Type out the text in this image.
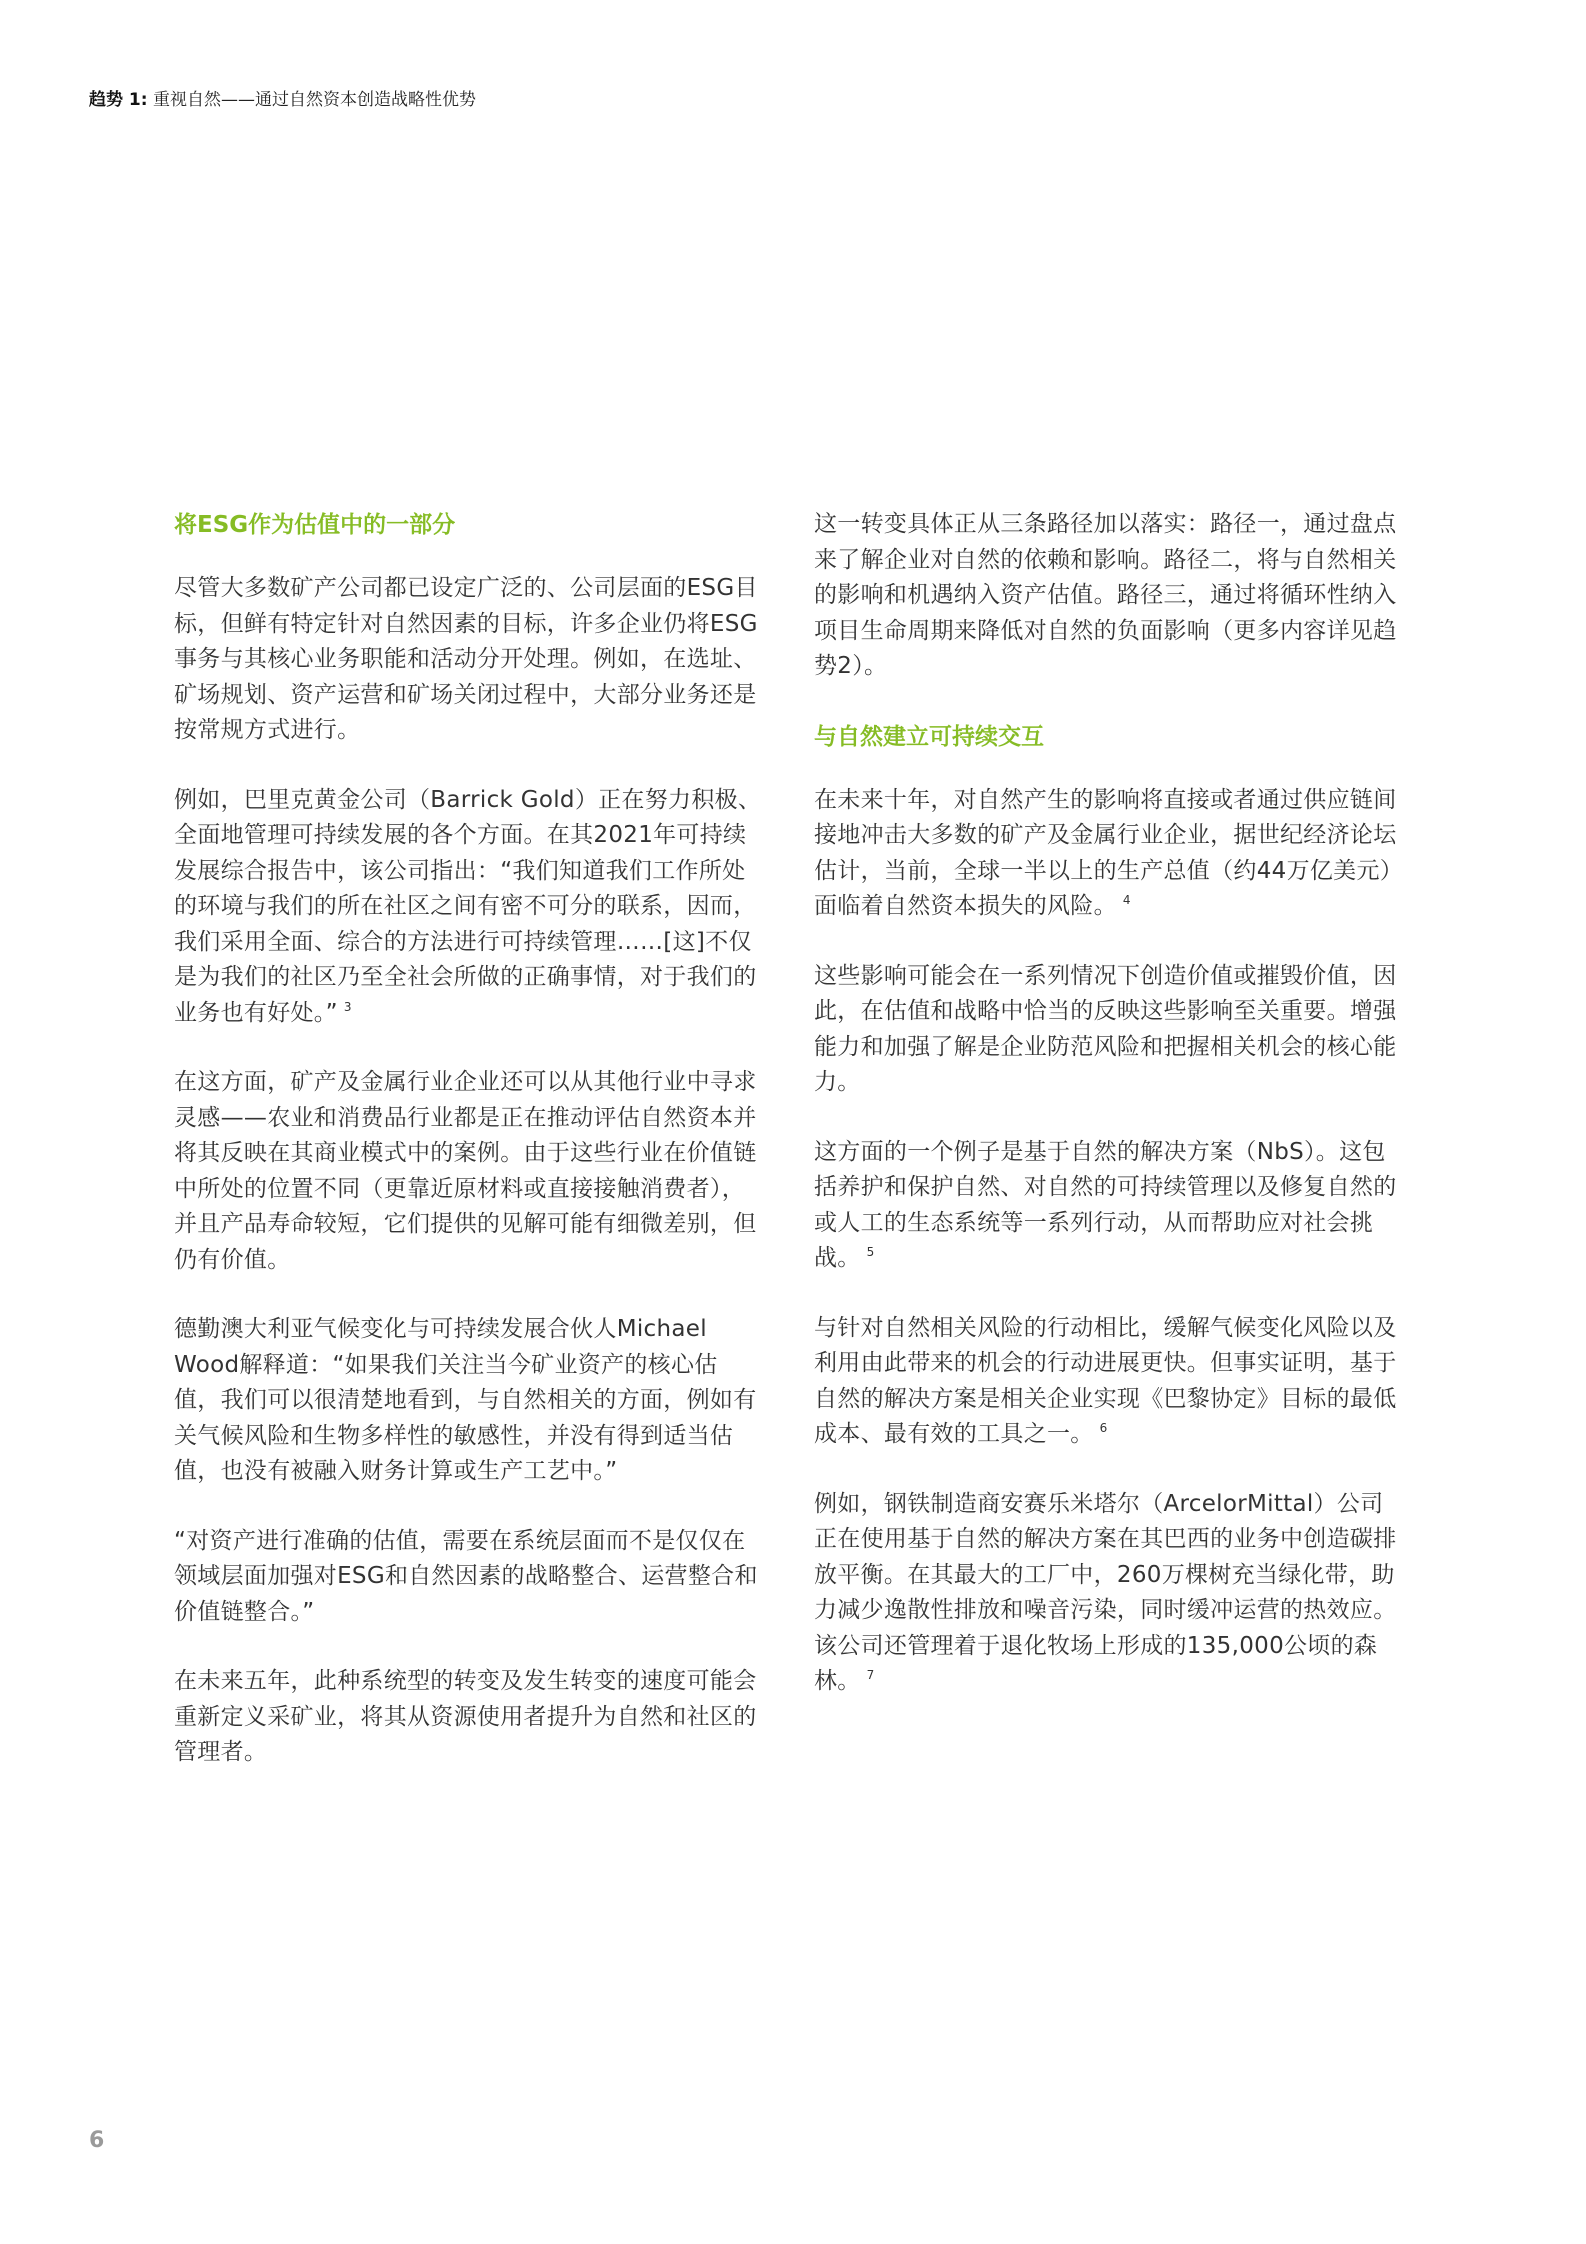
趋势 1: 重视自然——通过自然资本创造战略性优势
将ESG作为估值中的一部分

尽管大多数矿产公司都已设定广泛的、公司层面的ESG目标，但鲜有特定针对自然因素的目标，许多企业仍将ESG事务与其核心业务职能和活动分开处理。例如，在选址、矿场规划、资产运营和矿场关闭过程中，大部分业务还是按常规方式进行。

例如，巴里克黄金公司（Barrick Gold）正在努力积极、全面地管理可持续发展的各个方面。在其2021年可持续发展综合报告中，该公司指出：“我们知道我们工作所处的环境与我们的所在社区之间有密不可分的联系，因而，我们采用全面、综合的方法进行可持续管理……[这]不仅是为我们的社区乃至全社会所做的正确事情，对于我们的业务也有好处。” $^3$

在这方面，矿产及金属行业企业还可以从其他行业中寻求灵感——农业和消费品行业都是正在推动评估自然资本并将其反映在其商业模式中的案例。由于这些行业在价值链中所处的位置不同（更靠近原材料或直接接触消费者），并且产品寿命较短，它们提供的见解可能有细微差别，但仍有价值。

德勤澳大利亚气候变化与可持续发展合伙人Michael Wood解释道：“如果我们关注当今矿业资产的核心估值，我们可以很清楚地看到，与自然相关的方面，例如有关气候风险和生物多样性的敏感性，并没有得到适当估值，也没有被融入财务计算或生产工艺中。”

“对资产进行准确的估值，需要在系统层面而不是仅仅在领域层面加强对ESG和自然因素的战略整合、运营整合和价值链整合。”

在未来五年，此种系统型的转变及发生转变的速度可能会重新定义采矿业，将其从资源使用者提升为自然和社区的管理者。

这一转变具体正从三条路径加以落实：路径一，通过盘点来了解企业对自然的依赖和影响。路径二，将与自然相关的影响和机遇纳入资产估值。路径三，通过将循环性纳入项目生命周期来降低对自然的负面影响（更多内容详见趋势2）。

与自然建立可持续交互

在未来十年，对自然产生的影响将直接或者通过供应链间接地冲击大多数的矿产及金属行业企业，据世纪经济论坛估计，当前，全球一半以上的生产总值（约44万亿美元）面临着自然资本损失的风险。 $^4$

这些影响可能会在一系列情况下创造价值或摧毁价值，因此，在估值和战略中恰当的反映这些影响至关重要。增强能力和加强了解是企业防范风险和把握相关机会的核心能力。

这方面的一个例子是基于自然的解决方案（NbS）。这包括养护和保护自然、对自然的可持续管理以及修复自然的或人工的生态系统等一系列行动，从而帮助应对社会挑战。 $^5$

与针对自然相关风险的行动相比，缓解气候变化风险以及利用由此带来的机会的行动进展更快。但事实证明，基于自然的解决方案是相关企业实现《巴黎协定》目标的最低成本、最有效的工具之一。 $^6$

例如，钢铁制造商安赛乐米塔尔（ArcelorMittal）公司正在使用基于自然的解决方案在其巴西的业务中创造碳排放平衡。在其最大的工厂中，260万棵树充当绿化带，助力减少逸散性排放和噪音污染，同时缓冲运营的热效应。该公司还管理着于退化牧场上形成的135,000公顷的森林。 $^7$

6
